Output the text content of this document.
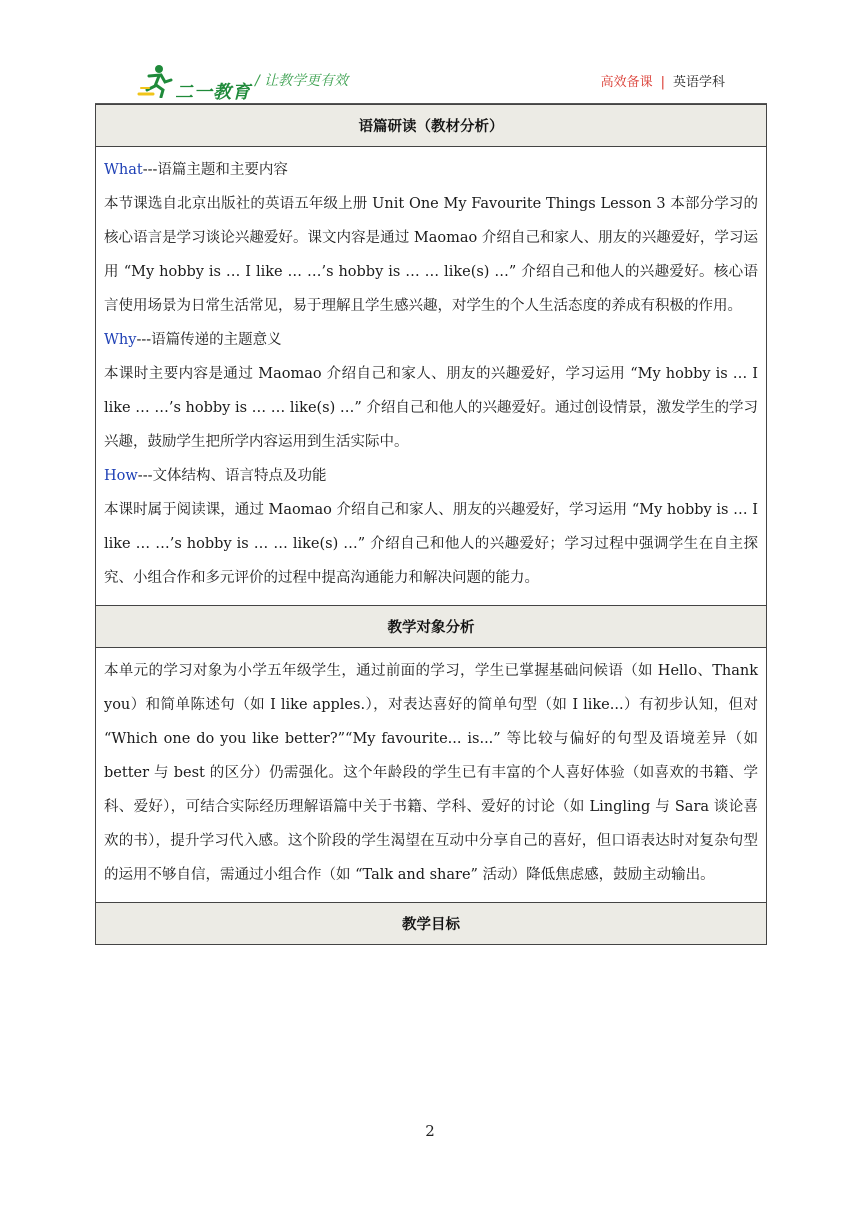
二一教育
/ 让教学更有效	高效备课 | 英语学科
语篇研读（教材分析）

What---语篇主题和主要内容

本节课选自北京出版社的英语五年级上册 Unit One My Favourite Things Lesson 3 本部分学习的核心语言是学习谈论兴趣爱好。课文内容是通过 Maomao 介绍自己和家人、朋友的兴趣爱好，学习运用 “My hobby is … I like … …’s hobby is … … like(s) …” 介绍自己和他人的兴趣爱好。核心语言使用场景为日常生活常见，易于理解且学生感兴趣，对学生的个人生活态度的养成有积极的作用。

Why---语篇传递的主题意义

本课时主要内容是通过 Maomao 介绍自己和家人、朋友的兴趣爱好，学习运用 “My hobby is … I like … …’s hobby is … … like(s) …” 介绍自己和他人的兴趣爱好。通过创设情景，激发学生的学习兴趣，鼓励学生把所学内容运用到生活实际中。

How---文体结构、语言特点及功能

本课时属于阅读课，通过 Maomao 介绍自己和家人、朋友的兴趣爱好，学习运用 “My hobby is … I like … …’s hobby is … … like(s) …” 介绍自己和他人的兴趣爱好；学习过程中强调学生在自主探究、小组合作和多元评价的过程中提高沟通能力和解决问题的能力。

教学对象分析

本单元的学习对象为小学五年级学生，通过前面的学习，学生已掌握基础问候语（如 Hello、Thank you）和简单陈述句（如 I like apples.），对表达喜好的简单句型（如 I like...）有初步认知，但对 “Which one do you like better?”“My favourite... is...” 等比较与偏好的句型及语境差异（如 better 与 best 的区分）仍需强化。这个年龄段的学生已有丰富的个人喜好体验（如喜欢的书籍、学科、爱好），可结合实际经历理解语篇中关于书籍、学科、爱好的讨论（如 Lingling 与 Sara 谈论喜欢的书），提升学习代入感。这个阶段的学生渴望在互动中分享自己的喜好，但口语表达时对复杂句型的运用不够自信，需通过小组合作（如 “Talk and share” 活动）降低焦虑感，鼓励主动输出。

教学目标
2
